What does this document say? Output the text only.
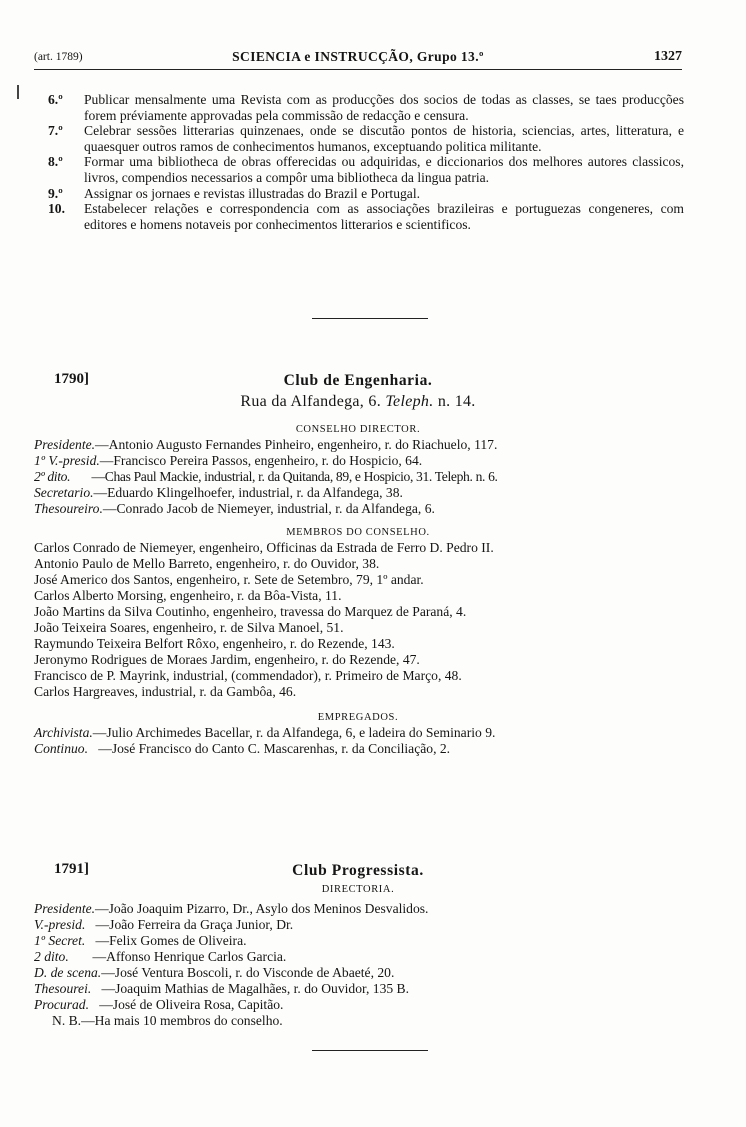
(art. 1789)	SCIENCIA e INSTRUCÇÃO, Grupo 13.º	1327
6.º	Publicar mensalmente uma Revista com as producções dos socios de todas as classes, se taes producções forem préviamente approvadas pela commissão de redacção e censura.
7.º	Celebrar sessões litterarias quinzenaes, onde se discutão pontos de historia, sciencias, artes, litteratura, e quaesquer outros ramos de conhecimentos humanos, exceptuando politica militante.
8.º	Formar uma bibliotheca de obras offerecidas ou adquiridas, e diccionarios dos melhores autores classicos, livros, compendios necessarios a compôr uma bibliotheca da lingua patria.
9.º	Assignar os jornaes e revistas illustradas do Brazil e Portugal.
10.	Estabelecer relações e correspondencia com as associações brazileiras e portuguezas congeneres, com editores e homens notaveis por conhecimentos litterarios e scientificos.
1790]	Club de Engenharia.
Rua da Alfandega, 6. Teleph. n. 14.
CONSELHO DIRECTOR.
Presidente.—Antonio Augusto Fernandes Pinheiro, engenheiro, r. do Riachuelo, 117.
1º V.-presid.—Francisco Pereira Passos, engenheiro, r. do Hospicio, 64.
2º dito.       —Chas Paul Mackie, industrial, r. da Quitanda, 89, e Hospicio, 31. Teleph. n. 6.
Secretario.—Eduardo Klingelhoefer, industrial, r. da Alfandega, 38.
Thesoureiro.—Conrado Jacob de Niemeyer, industrial, r. da Alfandega, 6.
MEMBROS DO CONSELHO.
Carlos Conrado de Niemeyer, engenheiro, Officinas da Estrada de Ferro D. Pedro II.
Antonio Paulo de Mello Barreto, engenheiro, r. do Ouvidor, 38.
José Americo dos Santos, engenheiro, r. Sete de Setembro, 79, 1º andar.
Carlos Alberto Morsing, engenheiro, r. da Bôa-Vista, 11.
João Martins da Silva Coutinho, engenheiro, travessa do Marquez de Paraná, 4.
João Teixeira Soares, engenheiro, r. de Silva Manoel, 51.
Raymundo Teixeira Belfort Rôxo, engenheiro, r. do Rezende, 143.
Jeronymo Rodrigues de Moraes Jardim, engenheiro, r. do Rezende, 47.
Francisco de P. Mayrink, industrial, (commendador), r. Primeiro de Março, 48.
Carlos Hargreaves, industrial, r. da Gambôa, 46.
EMPREGADOS.
Archivista.—Julio Archimedes Bacellar, r. da Alfandega, 6, e ladeira do Seminario 9.
Continuo.   —José Francisco do Canto C. Mascarenhas, r. da Conciliação, 2.
1791]	Club Progressista.
DIRECTORIA.
Presidente.—João Joaquim Pizarro, Dr., Asylo dos Meninos Desvalidos.
V.-presid.   —João Ferreira da Graça Junior, Dr.
1º Secret.   —Felix Gomes de Oliveira.
2 dito.       —Affonso Henrique Carlos Garcia.
D. de scena.—José Ventura Boscoli, r. do Visconde de Abaeté, 20.
Thesourei.   —Joaquim Mathias de Magalhães, r. do Ouvidor, 135 B.
Procurad.   —José de Oliveira Rosa, Capitão.
N. B.—Ha mais 10 membros do conselho.
